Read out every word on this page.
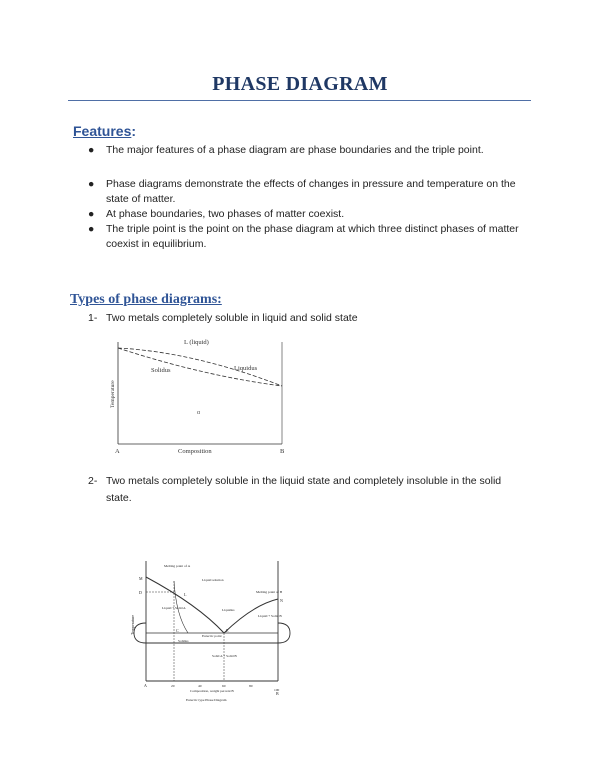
PHASE DIAGRAM
Features:
● The major features of a phase diagram are phase boundaries and the triple point.
● Phase diagrams demonstrate the effects of changes in pressure and temperature on the state of matter.
● At phase boundaries, two phases of matter coexist.
● The triple point is the point on the phase diagram at which three distinct phases of matter coexist in equilibrium.
Types of phase diagrams:
1- Two metals completely soluble in liquid and solid state
L (liquid)
Liquidus
Solidus
α
Temperature
Composition
A	B
2- Two metals completely soluble in the liquid state and completely insoluble in the solid state.
Melting point of A
Liquid solution
Melting point of B
Liquidus
Liquid + Solid A
Liquid + Solid B
Eutectic point
Solidus
Solid A + Solid B
M
N
D
E
L
C
A
B
20	40	60	80
100
Temperature
Composition, weight percent B
Eutectic type Phase Diagram
